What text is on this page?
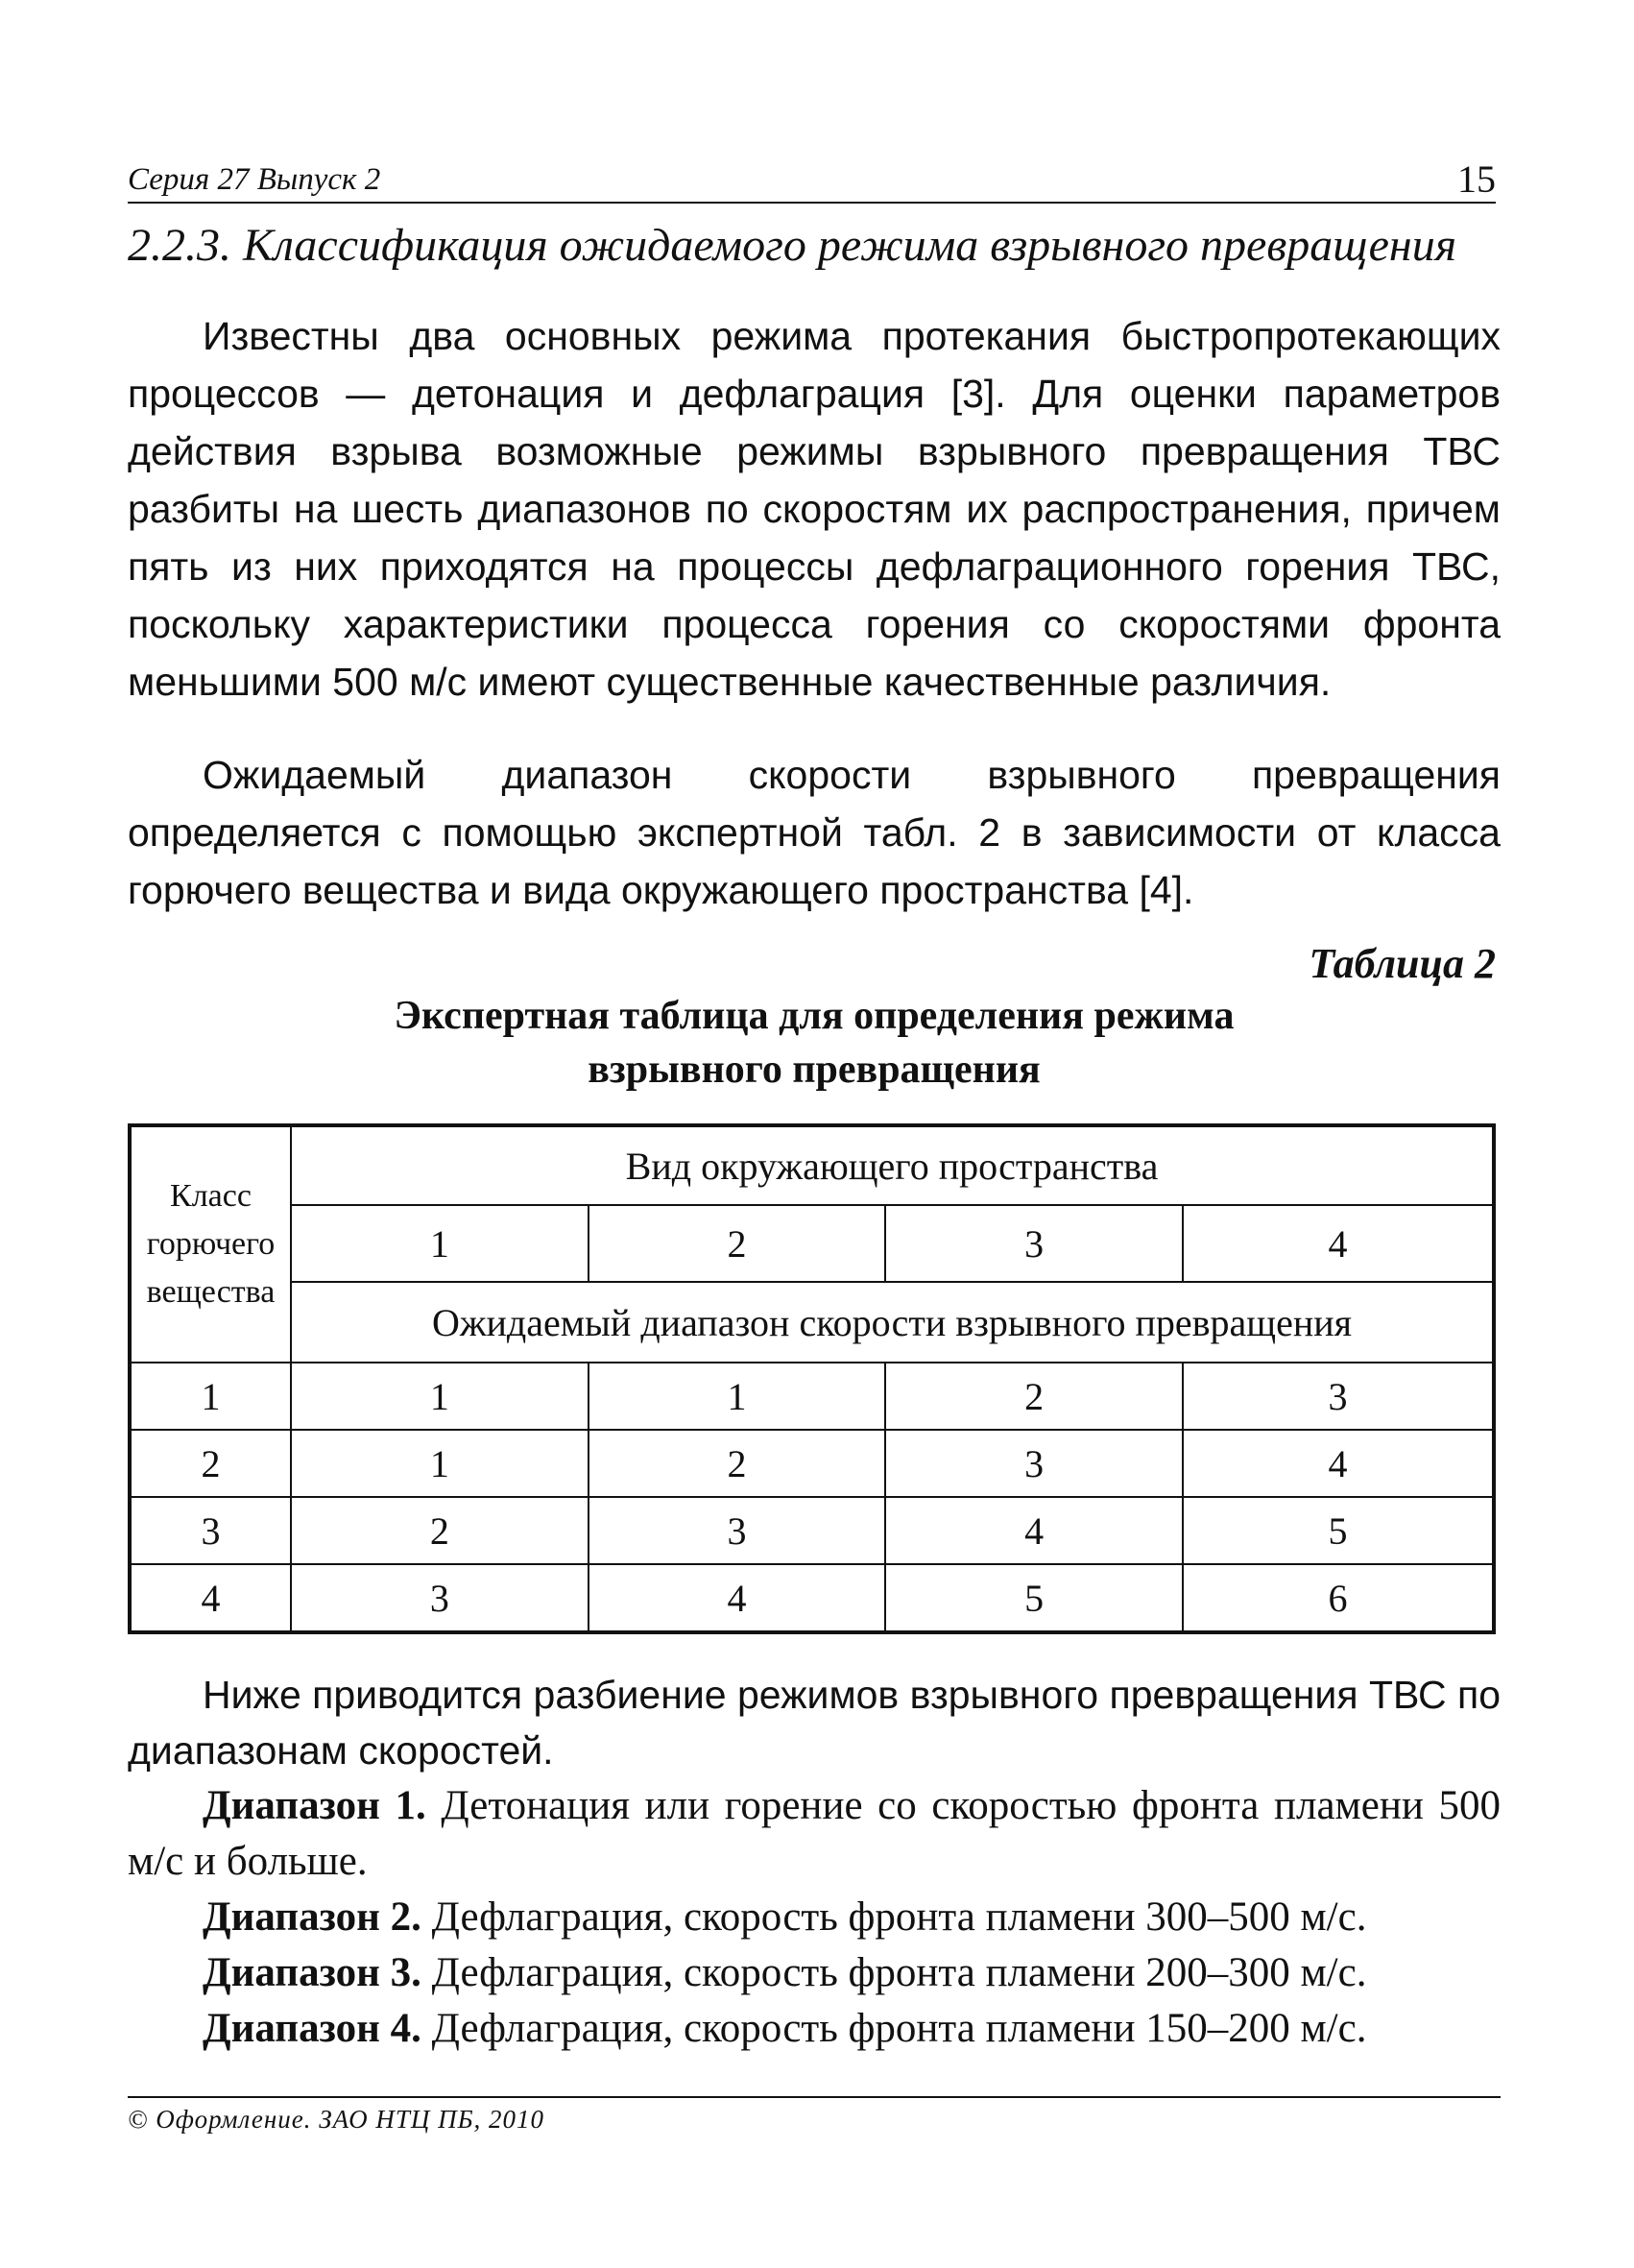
Серия 27 Выпуск 2	15
2.2.3. Классификация ожидаемого режима взрывного превращения

Известны два основных режима протекания быстропротекающих процессов — детонация и дефлаграция [3]. Для оценки параметров действия взрыва возможные режимы взрывного превращения ТВС разбиты на шесть диапазонов по скоростям их распространения, причем пять из них приходятся на процессы дефлаграционного горения ТВС, поскольку характеристики процесса горения со скоростями фронта меньшими 500 м/с имеют существенные качественные различия.

Ожидаемый диапазон скорости взрывного превращения определяется с помощью экспертной табл. 2 в зависимости от класса горючего вещества и вида окружающего пространства [4].

Таблица 2
Экспертная таблица для определения режима
взрывного превращения
Класс горючего вещества	Вид окружающего пространства			
	1	2	3	4
	Ожидаемый диапазон скорости взрывного превращения			
1	1	1	2	3
2	1	2	3	4
3	2	3	4	5
4	3	4	5	6

Ниже приводится разбиение режимов взрывного превращения ТВС по диапазонам скоростей.

Диапазон 1. Детонация или горение со скоростью фронта пламени 500 м/с и больше.

Диапазон 2. Дефлаграция, скорость фронта пламени 300–500 м/с.

Диапазон 3. Дефлаграция, скорость фронта пламени 200–300 м/с.

Диапазон 4. Дефлаграция, скорость фронта пламени 150–200 м/с.

© Оформление. ЗАО НТЦ ПБ, 2010
